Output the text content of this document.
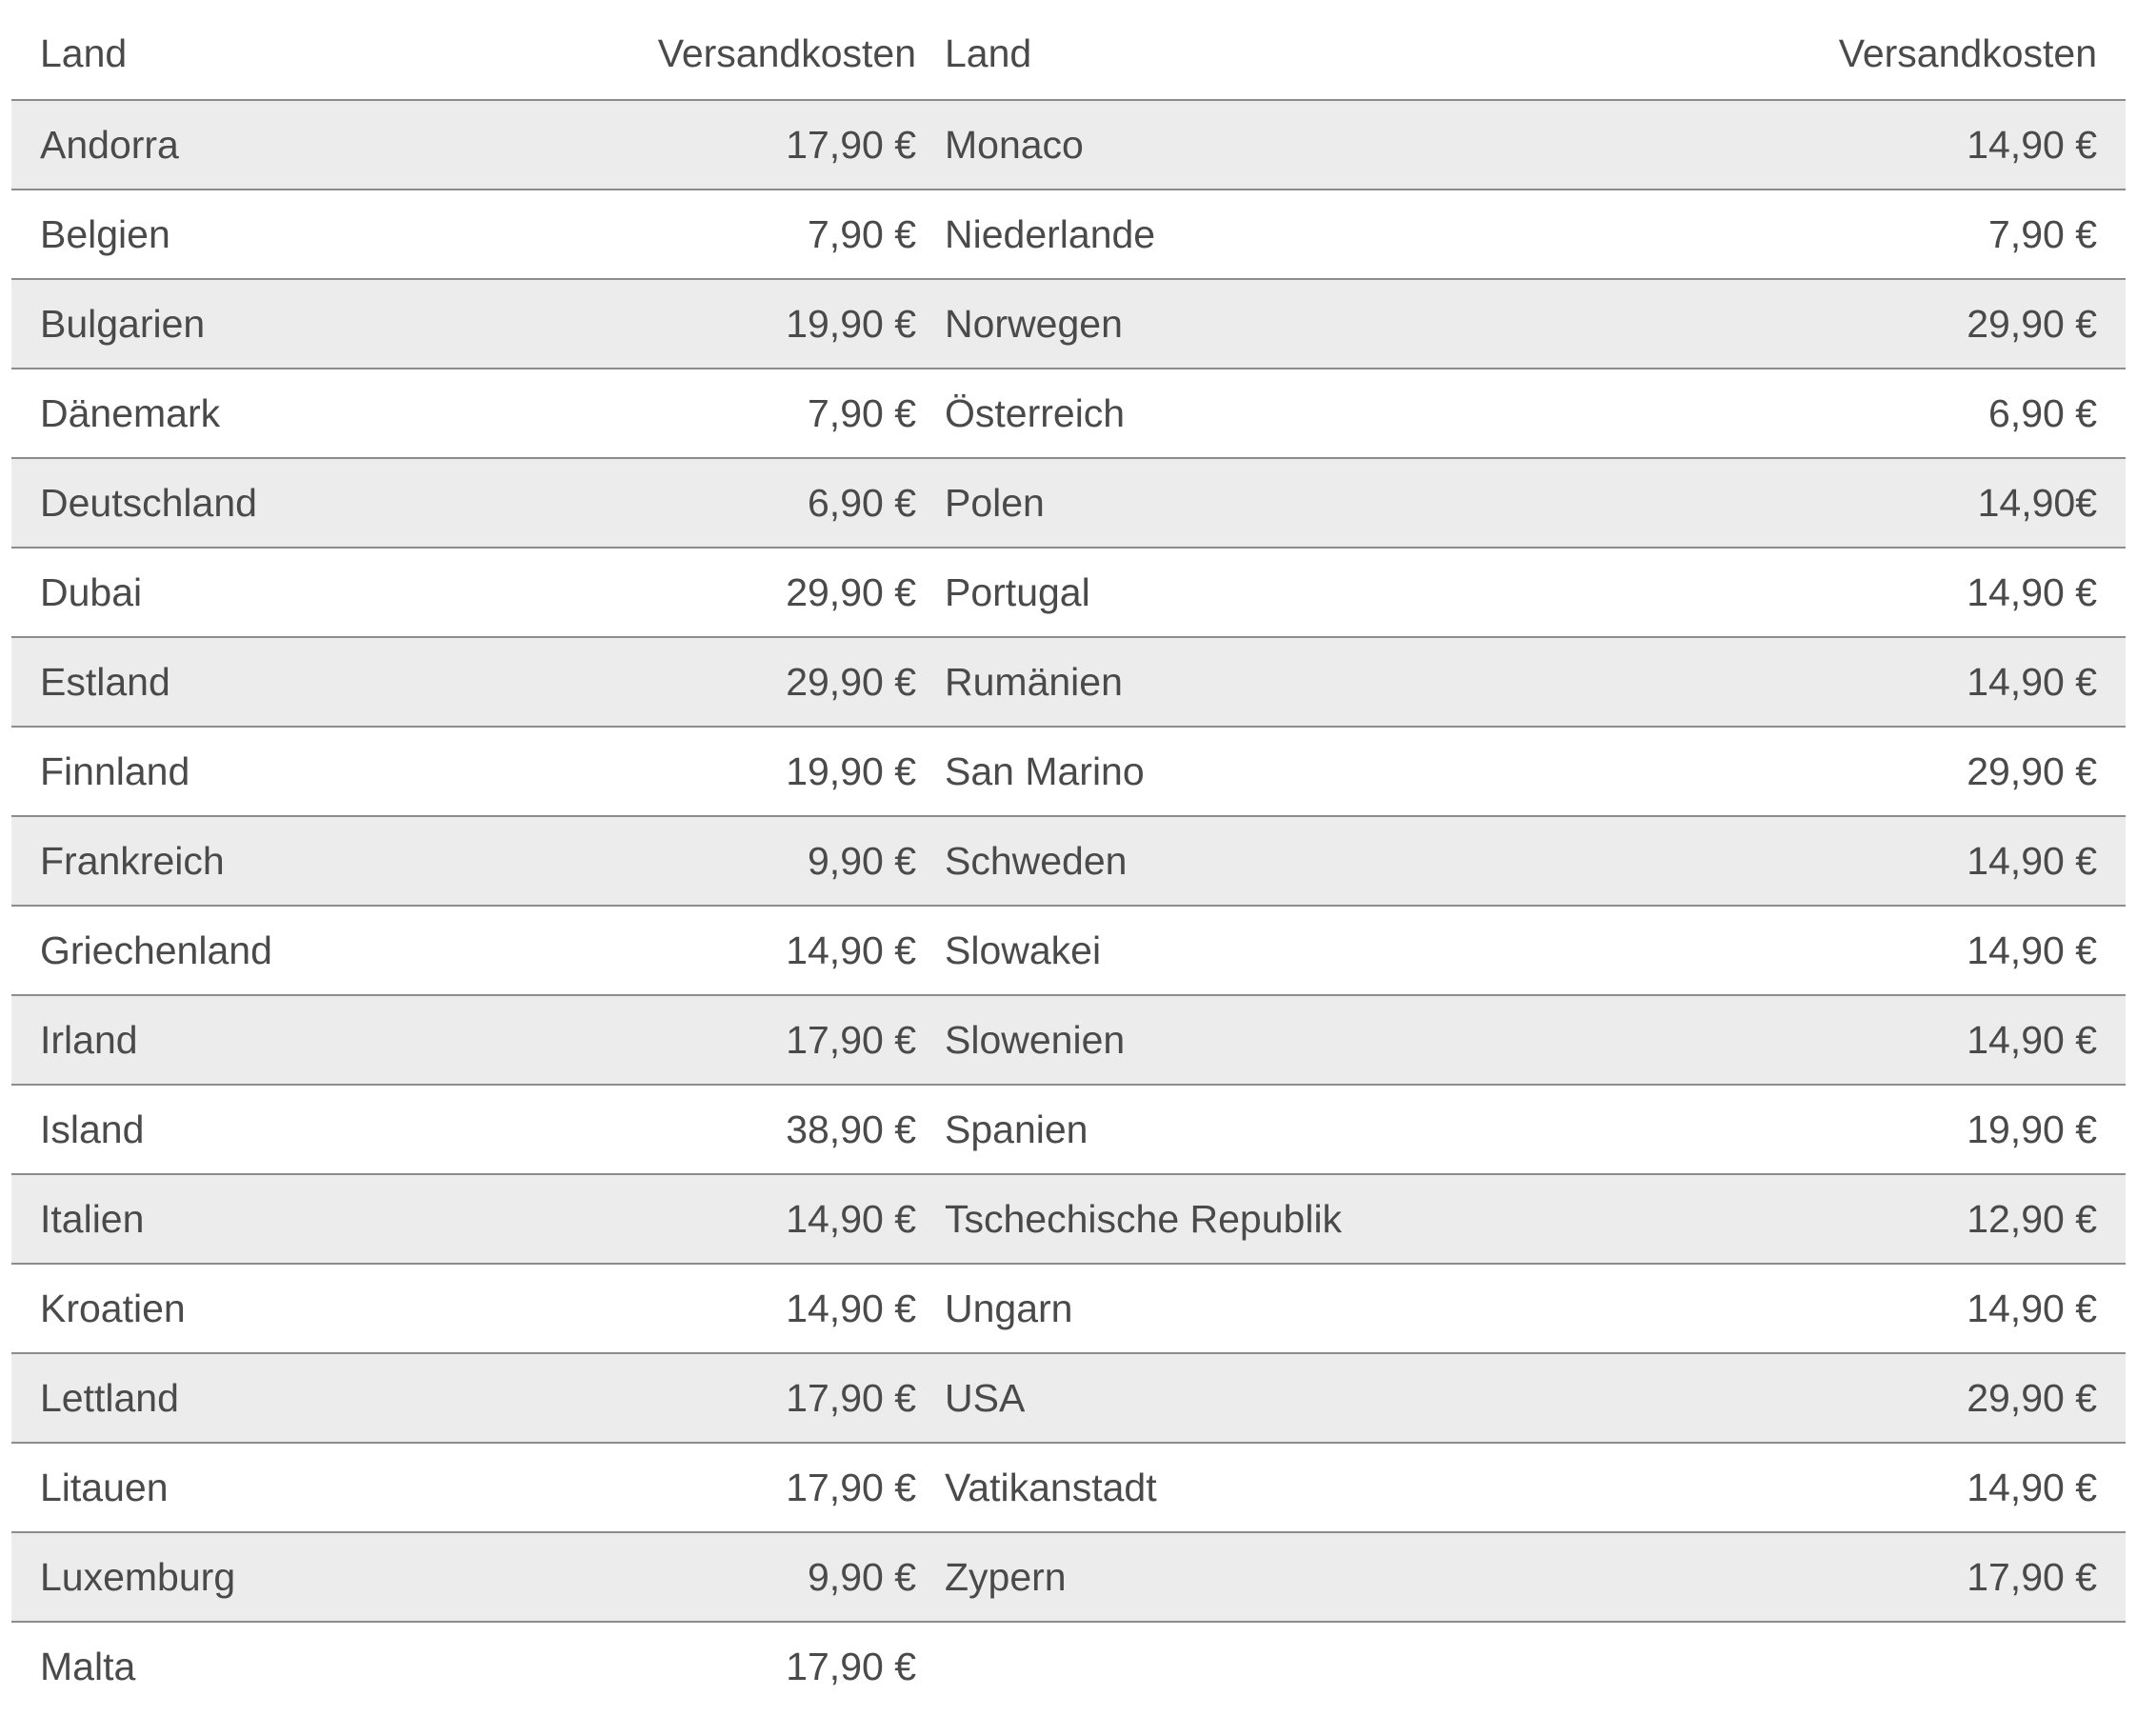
Land	Versandkosten	Land	Versandkosten
Andorra	17,90 €	Monaco	14,90 €
Belgien	7,90 €	Niederlande	7,90 €
Bulgarien	19,90 €	Norwegen	29,90 €
Dänemark	7,90 €	Österreich	6,90 €
Deutschland	6,90 €	Polen	14,90€
Dubai	29,90 €	Portugal	14,90 €
Estland	29,90 €	Rumänien	14,90 €
Finnland	19,90 €	San Marino	29,90 €
Frankreich	9,90 €	Schweden	14,90 €
Griechenland	14,90 €	Slowakei	14,90 €
Irland	17,90 €	Slowenien	14,90 €
Island	38,90 €	Spanien	19,90 €
Italien	14,90 €	Tschechische Republik	12,90 €
Kroatien	14,90 €	Ungarn	14,90 €
Lettland	17,90 €	USA	29,90 €
Litauen	17,90 €	Vatikanstadt	14,90 €
Luxemburg	9,90 €	Zypern	17,90 €
Malta	17,90 €		
